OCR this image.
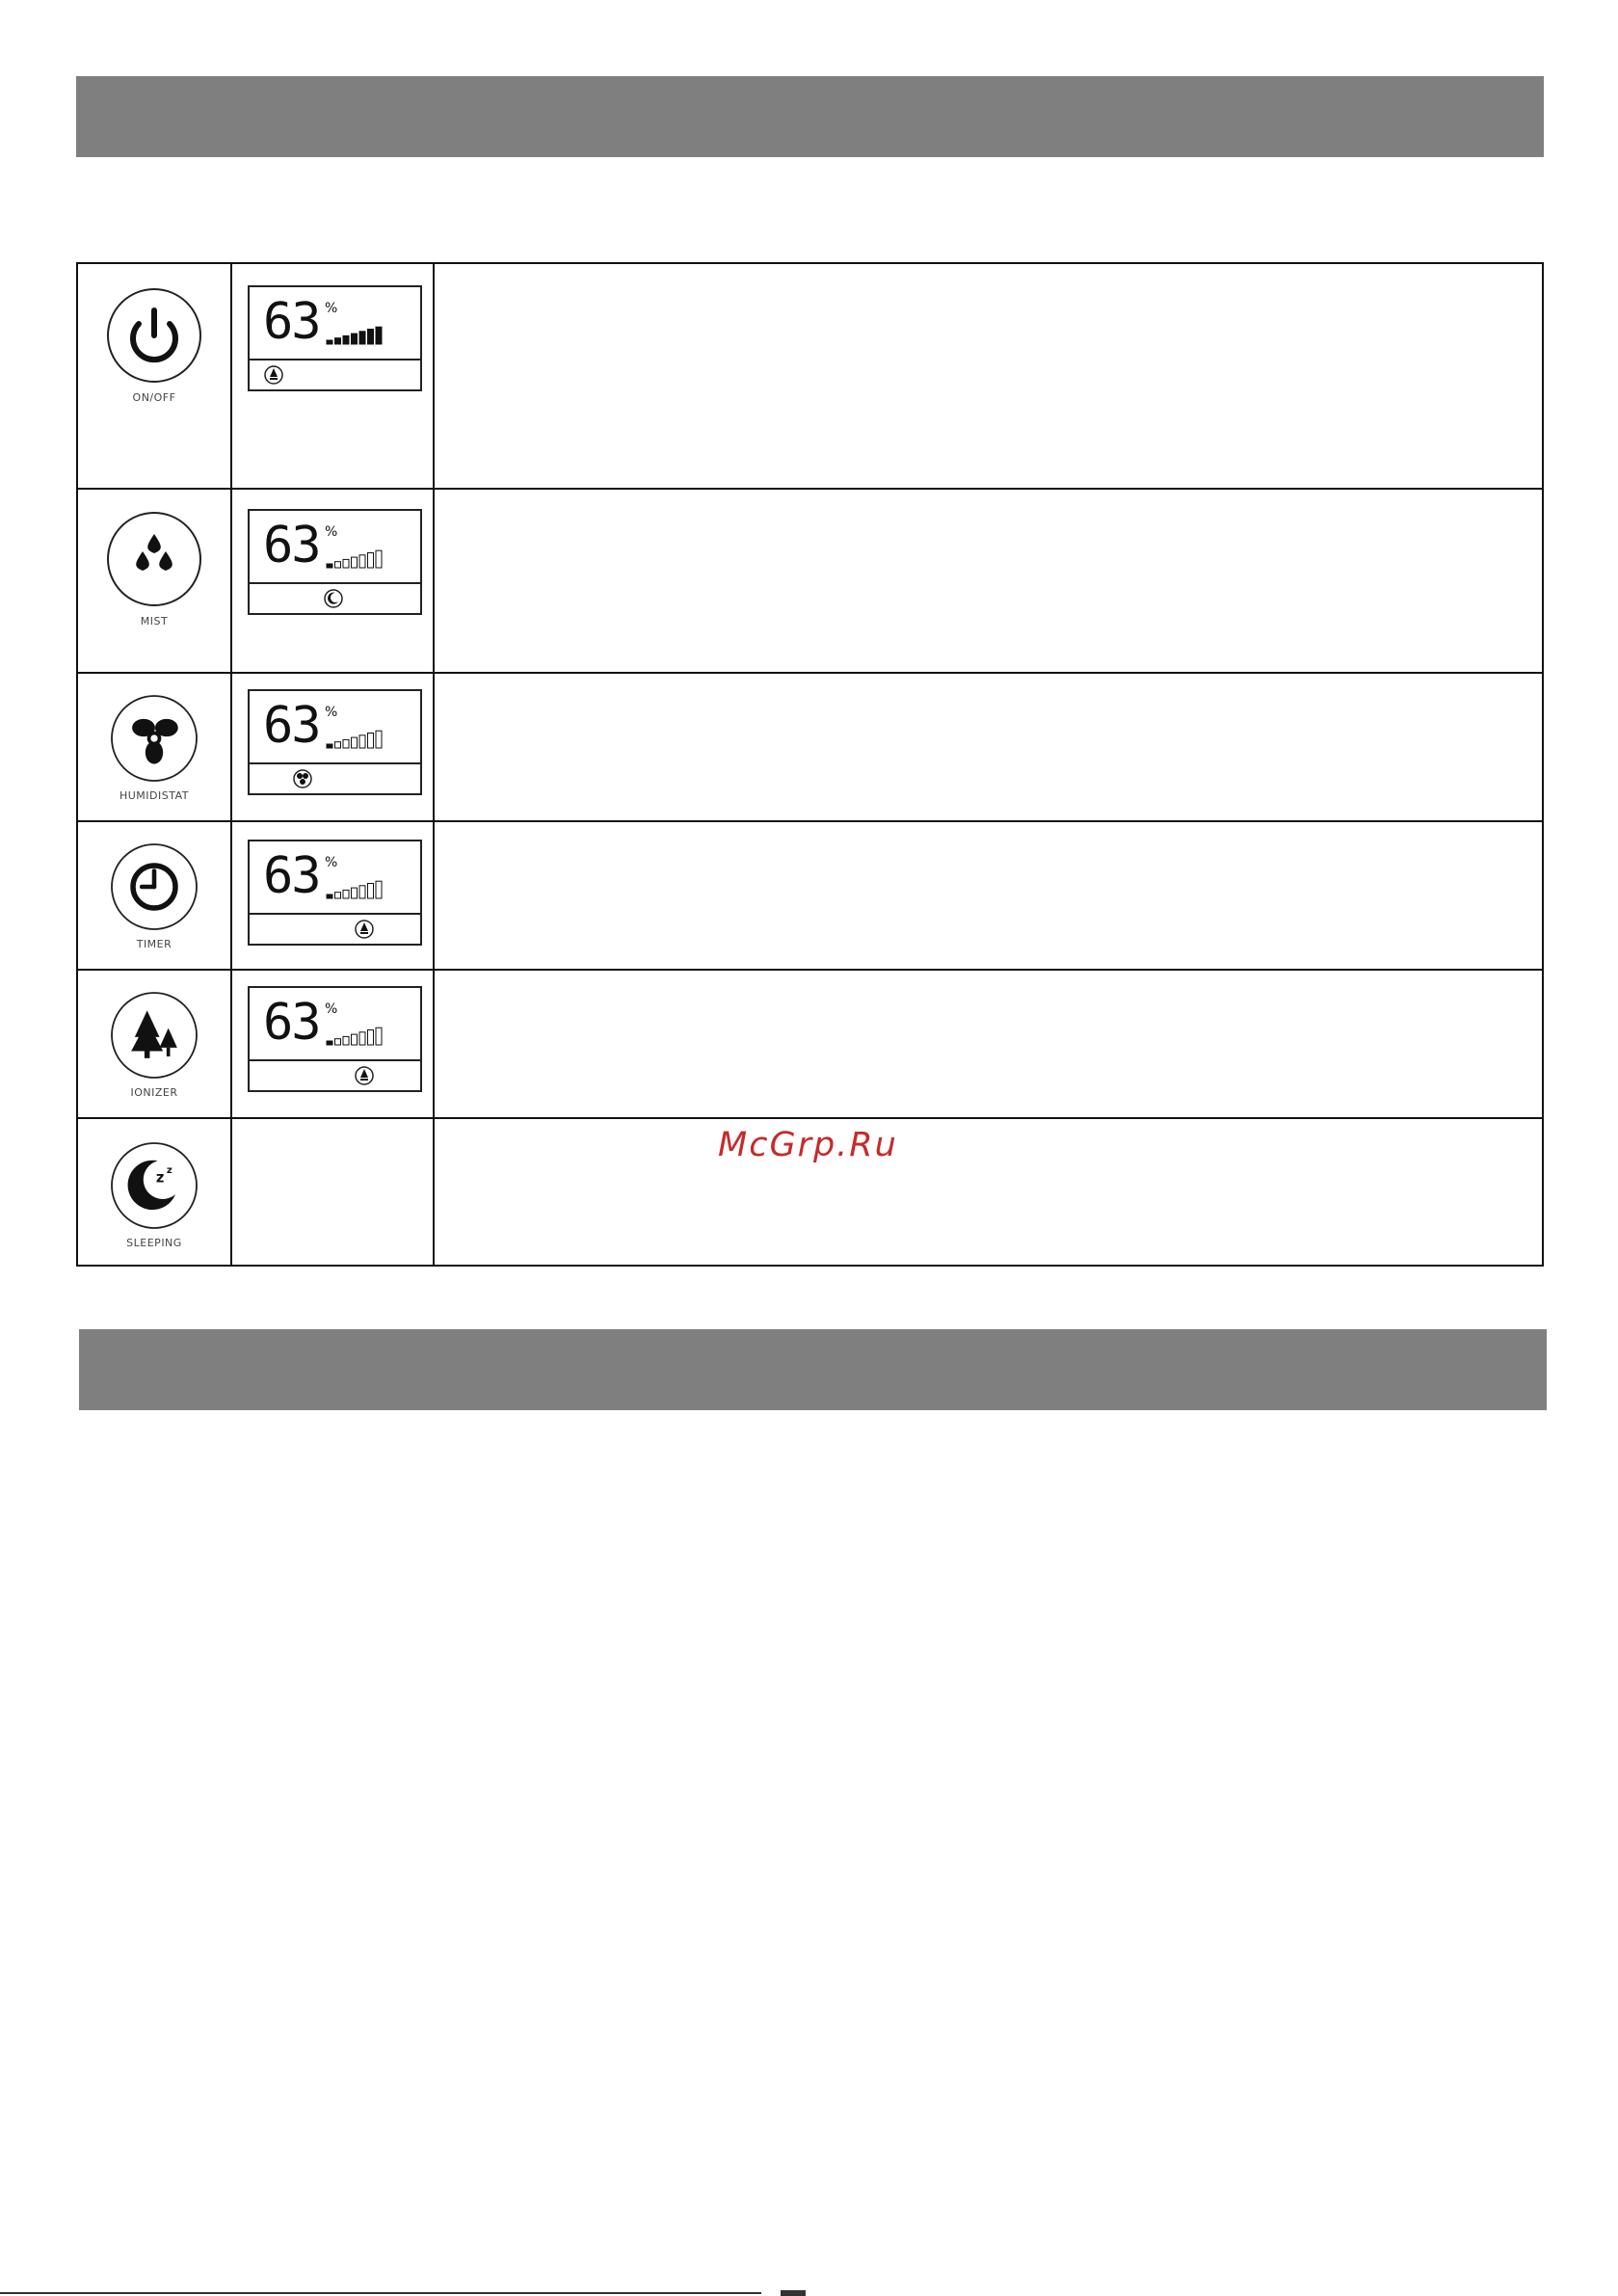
ON/OFF	63 %	

MIST	63 %	

HUMIDISTAT	63 %	

TIMER	63 %	

IONIZER	63 %	

z z
SLEEPING		

McGrp.Ru
